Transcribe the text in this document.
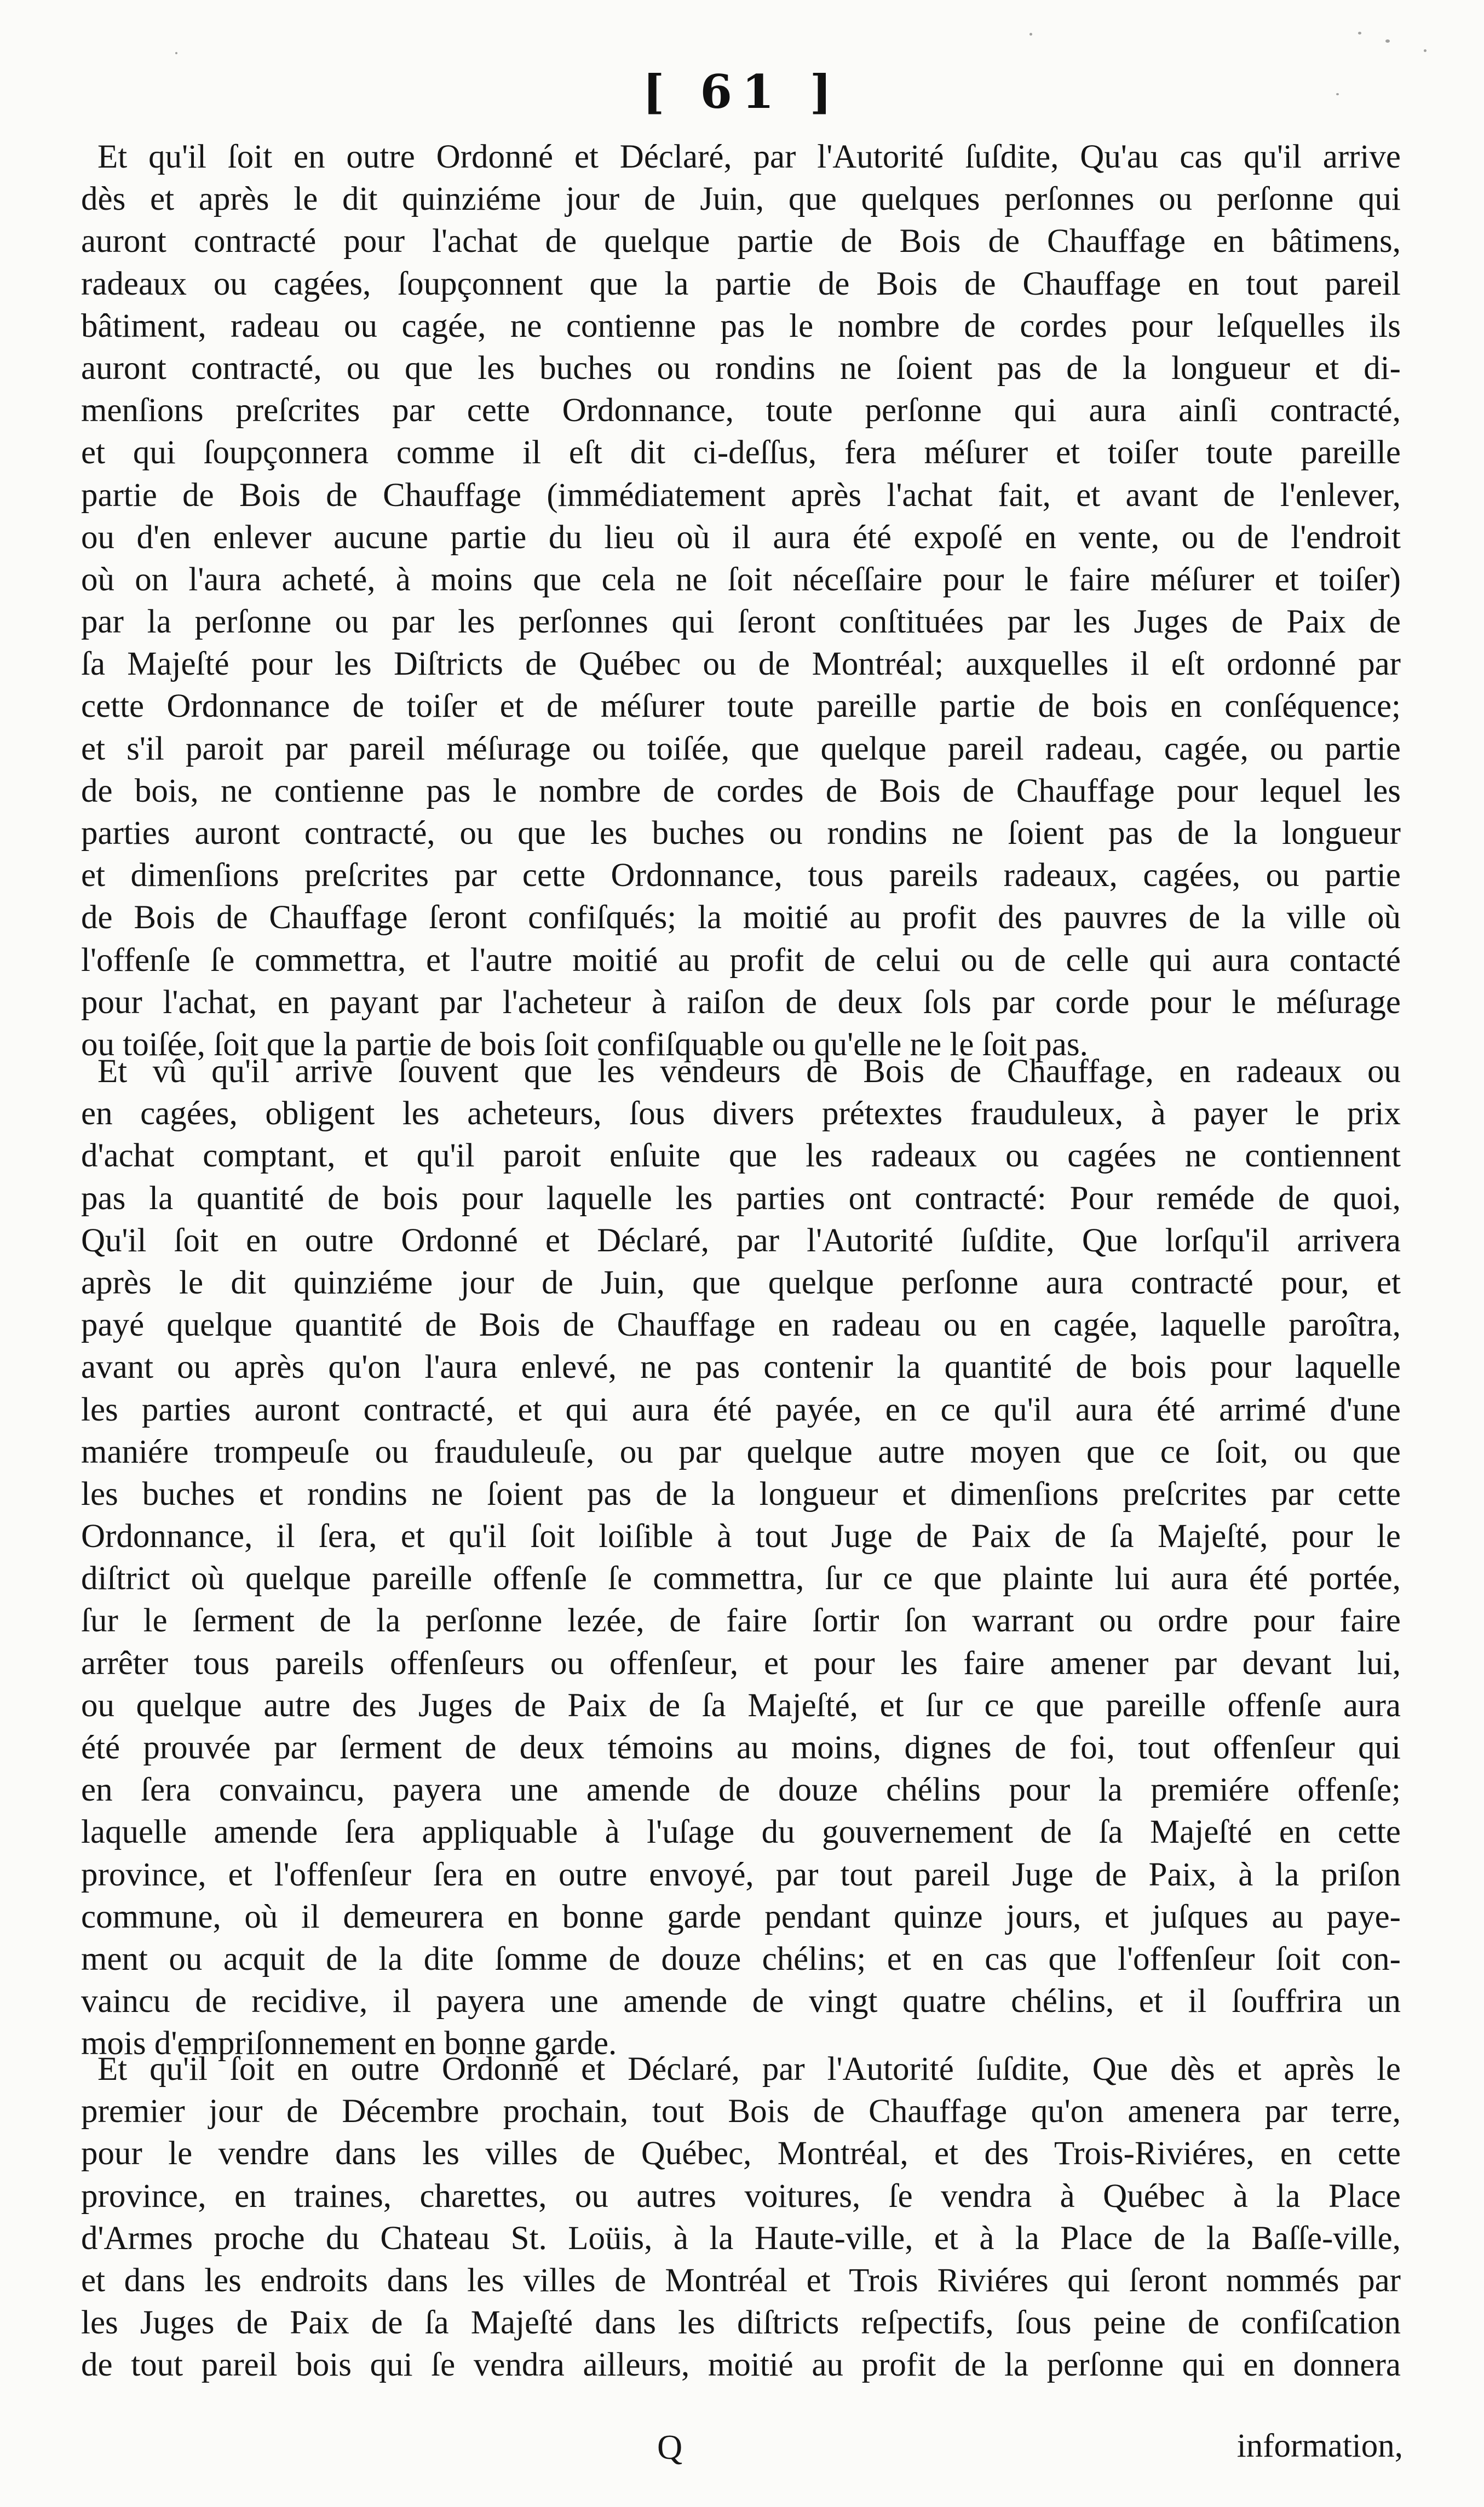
[ 61 ]
Et qu'il ſoit en outre Ordonné et Déclaré, par l'Autorité ſuſdite, Qu'au cas qu'il arrive
dès et après le dit quinziéme jour de Juin, que quelques perſonnes ou perſonne qui
auront contracté pour l'achat de quelque partie de Bois de Chauffage en bâtimens,
radeaux ou cagées, ſoupçonnent que la partie de Bois de Chauffage en tout pareil
bâtiment, radeau ou cagée, ne contienne pas le nombre de cordes pour leſquelles ils
auront contracté, ou que les buches ou rondins ne ſoient pas de la longueur et di-
menſions preſcrites par cette Ordonnance, toute perſonne qui aura ainſi contracté,
et qui ſoupçonnera comme il eſt dit ci-deſſus, fera méſurer et toiſer toute pareille
partie de Bois de Chauffage (immédiatement après l'achat fait, et avant de l'enlever,
ou d'en enlever aucune partie du lieu où il aura été expoſé en vente, ou de l'endroit
où on l'aura acheté, à moins que cela ne ſoit néceſſaire pour le faire méſurer et toiſer)
par la perſonne ou par les perſonnes qui ſeront conſtituées par les Juges de Paix de
ſa Majeſté pour les Diſtricts de Québec ou de Montréal; auxquelles il eſt ordonné par
cette Ordonnance de toiſer et de méſurer toute pareille partie de bois en conſéquence;
et s'il paroit par pareil méſurage ou toiſée, que quelque pareil radeau, cagée, ou partie
de bois, ne contienne pas le nombre de cordes de Bois de Chauffage pour lequel les
parties auront contracté, ou que les buches ou rondins ne ſoient pas de la longueur
et dimenſions preſcrites par cette Ordonnance, tous pareils radeaux, cagées, ou partie
de Bois de Chauffage ſeront confiſqués; la moitié au profit des pauvres de la ville où
l'offenſe ſe commettra, et l'autre moitié au profit de celui ou de celle qui aura contacté
pour l'achat, en payant par l'acheteur à raiſon de deux ſols par corde pour le méſurage
ou toiſée, ſoit que la partie de bois ſoit confiſquable ou qu'elle ne le ſoit pas.
Et vû qu'il arrive ſouvent que les vendeurs de Bois de Chauffage, en radeaux ou
en cagées, obligent les acheteurs, ſous divers prétextes frauduleux, à payer le prix
d'achat comptant, et qu'il paroit enſuite que les radeaux ou cagées ne contiennent
pas la quantité de bois pour laquelle les parties ont contracté: Pour reméde de quoi,
Qu'il ſoit en outre Ordonné et Déclaré, par l'Autorité ſuſdite, Que lorſqu'il arrivera
après le dit quinziéme jour de Juin, que quelque perſonne aura contracté pour, et
payé quelque quantité de Bois de Chauffage en radeau ou en cagée, laquelle paroîtra,
avant ou après qu'on l'aura enlevé, ne pas contenir la quantité de bois pour laquelle
les parties auront contracté, et qui aura été payée, en ce qu'il aura été arrimé d'une
maniére trompeuſe ou frauduleuſe, ou par quelque autre moyen que ce ſoit, ou que
les buches et rondins ne ſoient pas de la longueur et dimenſions preſcrites par cette
Ordonnance, il ſera, et qu'il ſoit loiſible à tout Juge de Paix de ſa Majeſté, pour le
diſtrict où quelque pareille offenſe ſe commettra, ſur ce que plainte lui aura été portée,
ſur le ſerment de la perſonne lezée, de faire ſortir ſon warrant ou ordre pour faire
arrêter tous pareils offenſeurs ou offenſeur, et pour les faire amener par devant lui,
ou quelque autre des Juges de Paix de ſa Majeſté, et ſur ce que pareille offenſe aura
été prouvée par ſerment de deux témoins au moins, dignes de foi, tout offenſeur qui
en ſera convaincu, payera une amende de douze chélins pour la premiére offenſe;
laquelle amende ſera appliquable à l'uſage du gouvernement de ſa Majeſté en cette
province, et l'offenſeur ſera en outre envoyé, par tout pareil Juge de Paix, à la priſon
commune, où il demeurera en bonne garde pendant quinze jours, et juſques au paye-
ment ou acquit de la dite ſomme de douze chélins; et en cas que l'offenſeur ſoit con-
vaincu de recidive, il payera une amende de vingt quatre chélins, et il ſouffrira un
mois d'empriſonnement en bonne garde.
Et qu'il ſoit en outre Ordonné et Déclaré, par l'Autorité ſuſdite, Que dès et après le
premier jour de Décembre prochain, tout Bois de Chauffage qu'on amenera par terre,
pour le vendre dans les villes de Québec, Montréal, et des Trois-Riviéres, en cette
province, en traines, charettes, ou autres voitures, ſe vendra à Québec à la Place
d'Armes proche du Chateau St. Loüis, à la Haute-ville, et à la Place de la Baſſe-ville,
et dans les endroits dans les villes de Montréal et Trois Riviéres qui ſeront nommés par
les Juges de Paix de ſa Majeſté dans les diſtricts reſpectifs, ſous peine de confiſcation
de tout pareil bois qui ſe vendra ailleurs, moitié au profit de la perſonne qui en donnera
Q	information,
